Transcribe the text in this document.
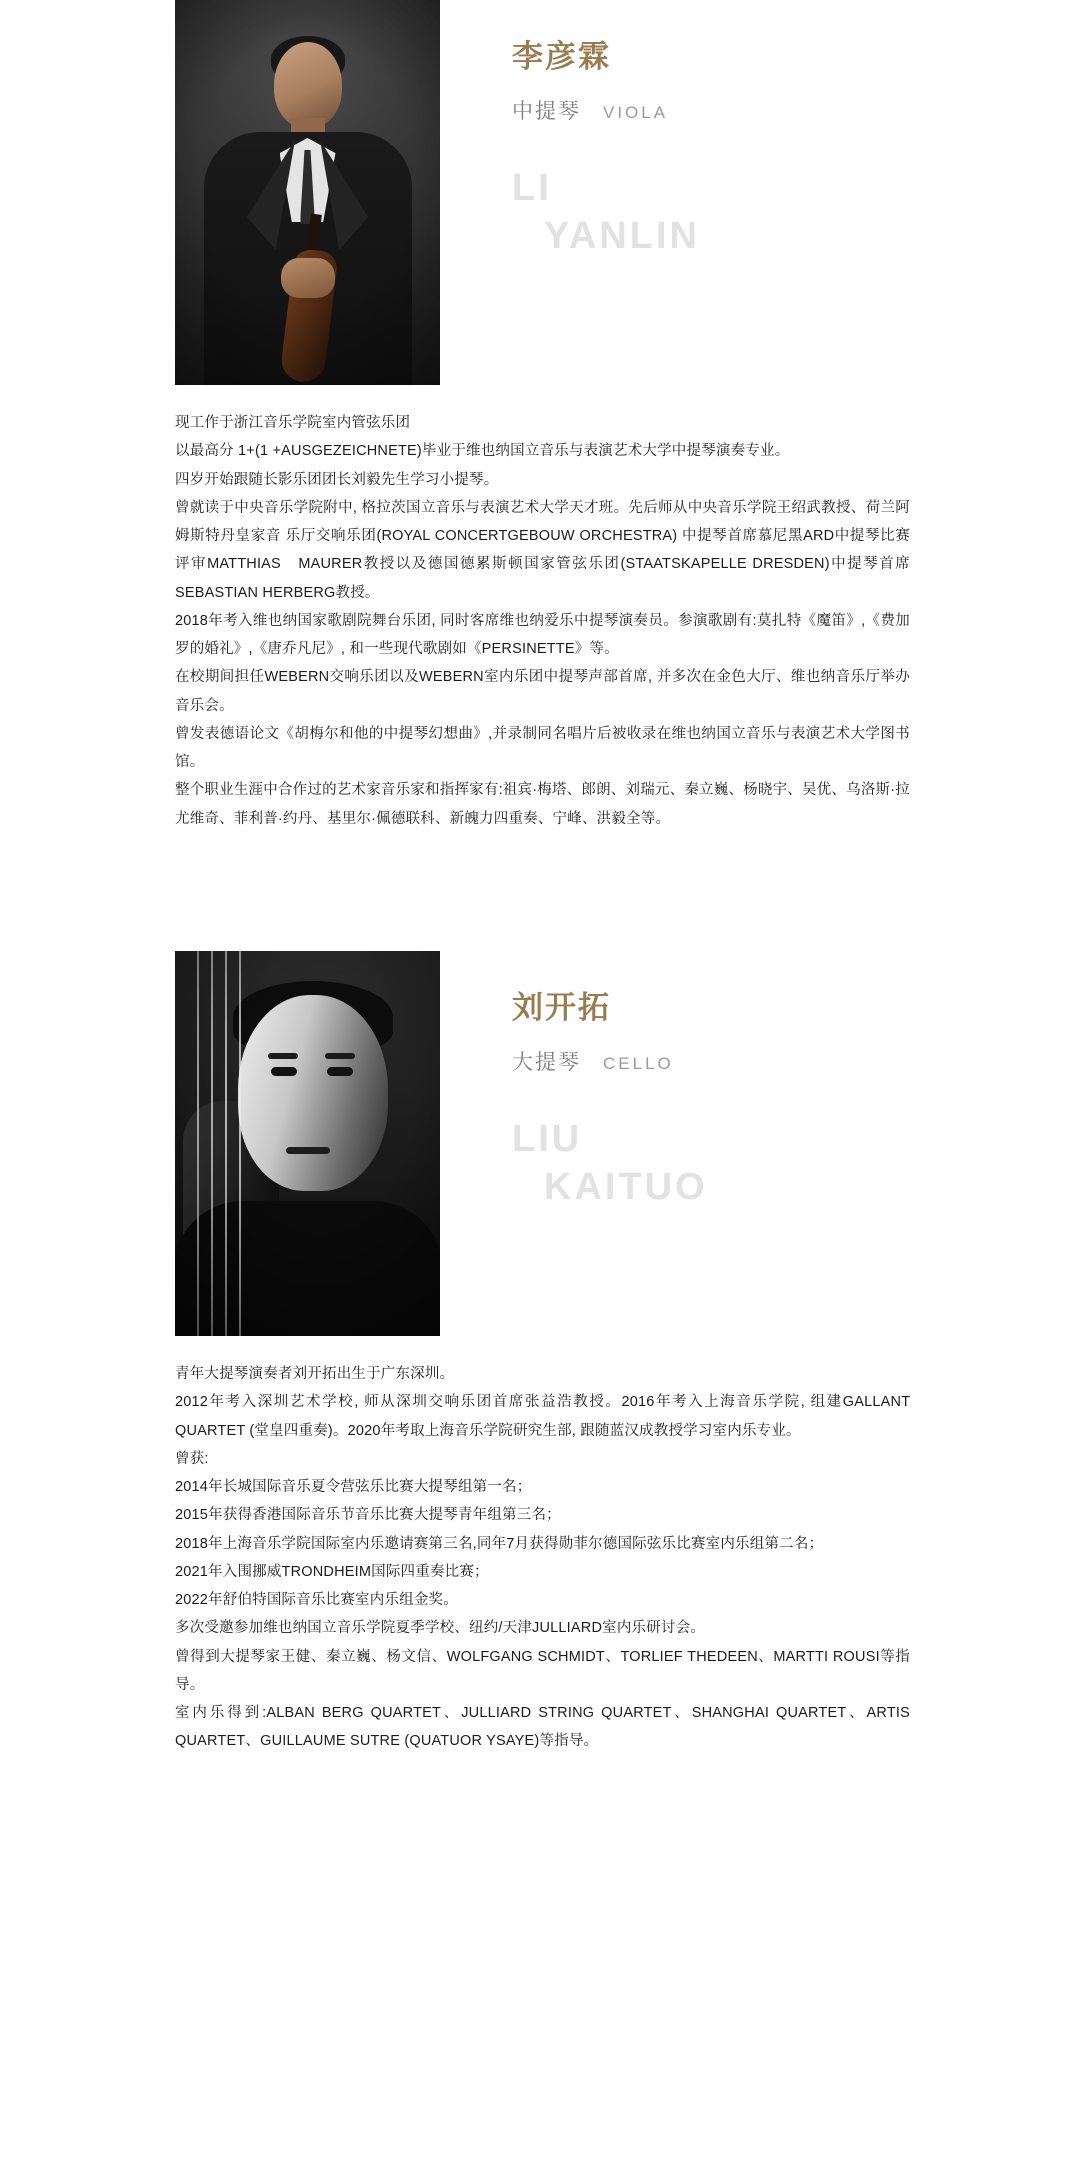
李彦霖
中提琴 VIOLA
LI
YANLIN

现工作于浙江音乐学院室内管弦乐团

以最高分 1+(1 +AUSGEZEICHNETE)毕业于维也纳国立音乐与表演艺术大学中提琴演奏专业。

四岁开始跟随长影乐团团长刘毅先生学习小提琴。

曾就读于中央音乐学院附中, 格拉茨国立音乐与表演艺术大学天才班。先后师从中央音乐学院王绍武教授、荷兰阿姆斯特丹皇家音 乐厅交响乐团(ROYAL CONCERTGEBOUW ORCHESTRA) 中提琴首席慕尼黑ARD中提琴比赛评审MATTHIAS　MAURER教授以及德国德累斯顿国家管弦乐团(STAATSKAPELLE DRESDEN)中提琴首席SEBASTIAN HERBERG教授。

2018年考入维也纳国家歌剧院舞台乐团, 同时客席维也纳爱乐中提琴演奏员。参演歌剧有:莫扎特《魔笛》,《费加罗的婚礼》,《唐乔凡尼》, 和一些现代歌剧如《PERSINETTE》等。

在校期间担任WEBERN交响乐团以及WEBERN室内乐团中提琴声部首席, 并多次在金色大厅、维也纳音乐厅举办音乐会。

曾发表德语论文《胡梅尔和他的中提琴幻想曲》,并录制同名唱片后被收录在维也纳国立音乐与表演艺术大学图书馆。

整个职业生涯中合作过的艺术家音乐家和指挥家有:祖宾·梅塔、郎朗、刘瑞元、秦立巍、杨晓宇、吴优、乌洛斯·拉尤维奇、菲利普·约丹、基里尔·佩德联科、新魄力四重奏、宁峰、洪毅全等。

刘开拓
大提琴 CELLO
LIU
KAITUO

青年大提琴演奏者刘开拓出生于广东深圳。

2012年考入深圳艺术学校, 师从深圳交响乐团首席张益浩教授。2016年考入上海音乐学院, 组建GALLANT　QUARTET (堂皇四重奏)。2020年考取上海音乐学院研究生部, 跟随蓝汉成教授学习室内乐专业。

曾获:

2014年长城国际音乐夏令营弦乐比赛大提琴组第一名；

2015年获得香港国际音乐节音乐比赛大提琴青年组第三名；

2018年上海音乐学院国际室内乐邀请赛第三名,同年7月获得勋菲尔德国际弦乐比赛室内乐组第二名；

2021年入围挪威TRONDHEIM国际四重奏比赛；

2022年舒伯特国际音乐比赛室内乐组金奖。

多次受邀参加维也纳国立音乐学院夏季学校、纽约/天津JULLIARD室内乐研讨会。

曾得到大提琴家王健、秦立巍、杨文信、WOLFGANG SCHMIDT、TORLIEF THEDEEN、MARTTI ROUSI等指导。

室内乐得到:ALBAN BERG QUARTET、JULLIARD STRING QUARTET、SHANGHAI QUARTET、ARTIS QUARTET、GUILLAUME SUTRE (QUATUOR YSAYE)等指导。
